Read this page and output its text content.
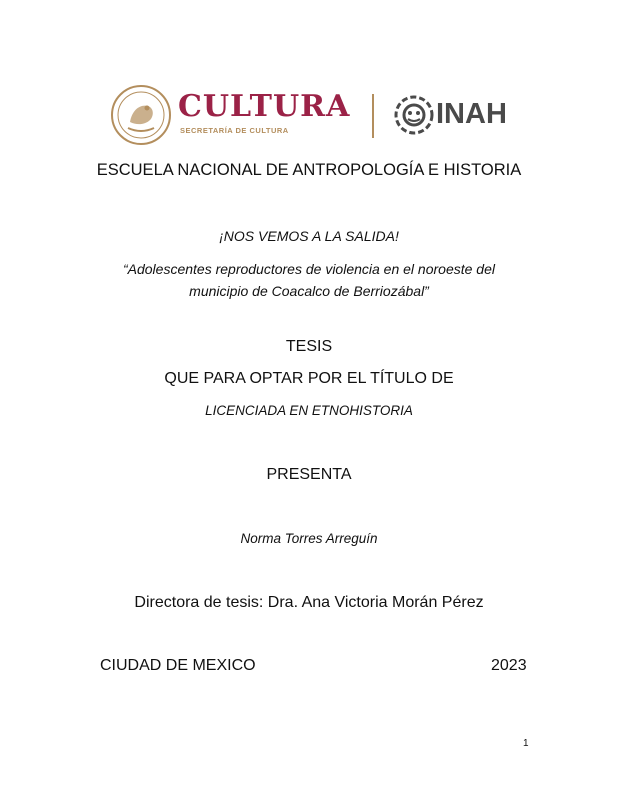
CULTURA
SECRETARÍA DE CULTURA
INAH
ESCUELA NACIONAL DE ANTROPOLOGÍA E HISTORIA
¡NOS VEMOS A LA SALIDA!
“Adolescentes reproductores de violencia en el noroeste del
municipio de Coacalco de Berriozábal”
TESIS
QUE PARA OPTAR POR EL TÍTULO DE
LICENCIADA EN ETNOHISTORIA
PRESENTA
Norma Torres Arreguín
Directora de tesis: Dra. Ana Victoria Morán Pérez
CIUDAD DE MEXICO	2023
1
